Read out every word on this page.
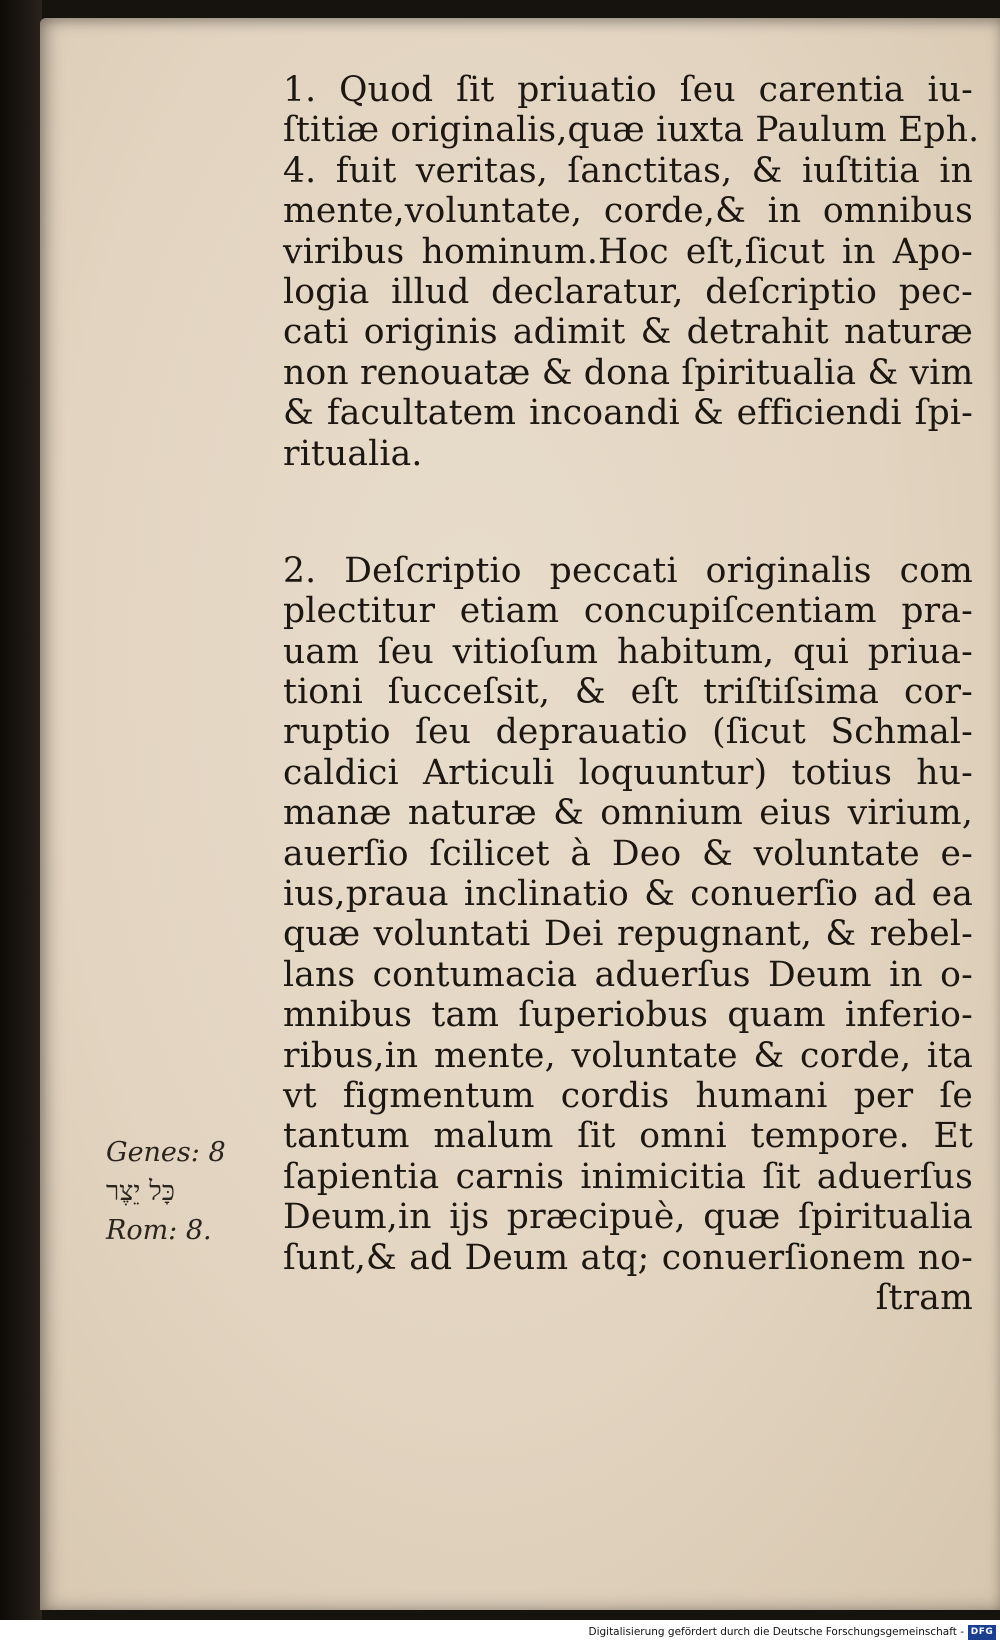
1. Quod ſit priuatio ſeu carentia iu-
ſtitiæ originalis,quæ iuxta Paulum Eph.
4. fuit veritas, ſanctitas, & iuſtitia in
mente,voluntate, corde,& in omnibus
viribus hominum.Hoc eſt,ſicut in Apo-
logia illud declaratur, deſcriptio pec-
cati originis adimit & detrahit naturæ
non renouatæ & dona ſpiritualia & vim
& facultatem incoandi & efficiendi ſpi-
ritualia.
2. Deſcriptio peccati originalis com
plectitur etiam concupiſcentiam pra-
uam ſeu vitioſum habitum, qui priua-
tioni ſucceſsit, & eſt triſtiſsima cor-
ruptio ſeu deprauatio (ſicut Schmal-
caldici Articuli loquuntur) totius hu-
manæ naturæ & omnium eius virium,
auerſio ſcilicet à Deo & voluntate e-
ius,praua inclinatio & conuerſio ad ea
quæ voluntati Dei repugnant, & rebel-
lans contumacia aduerſus Deum in o-
mnibus tam ſuperiobus quam inferio-
ribus,in mente, voluntate & corde, ita
vt figmentum cordis humani per ſe
tantum malum ſit omni tempore. Et
ſapientia carnis inimicitia ſit aduerſus
Deum,in ijs præcipuè, quæ ſpiritualia
ſunt,& ad Deum atq; conuerſionem no-
ſtram
Genes: 8
כָּל יֵצֶר
Rom: 8.
Digitalisierung gefördert durch die Deutsche Forschungsgemeinschaft - DFG
